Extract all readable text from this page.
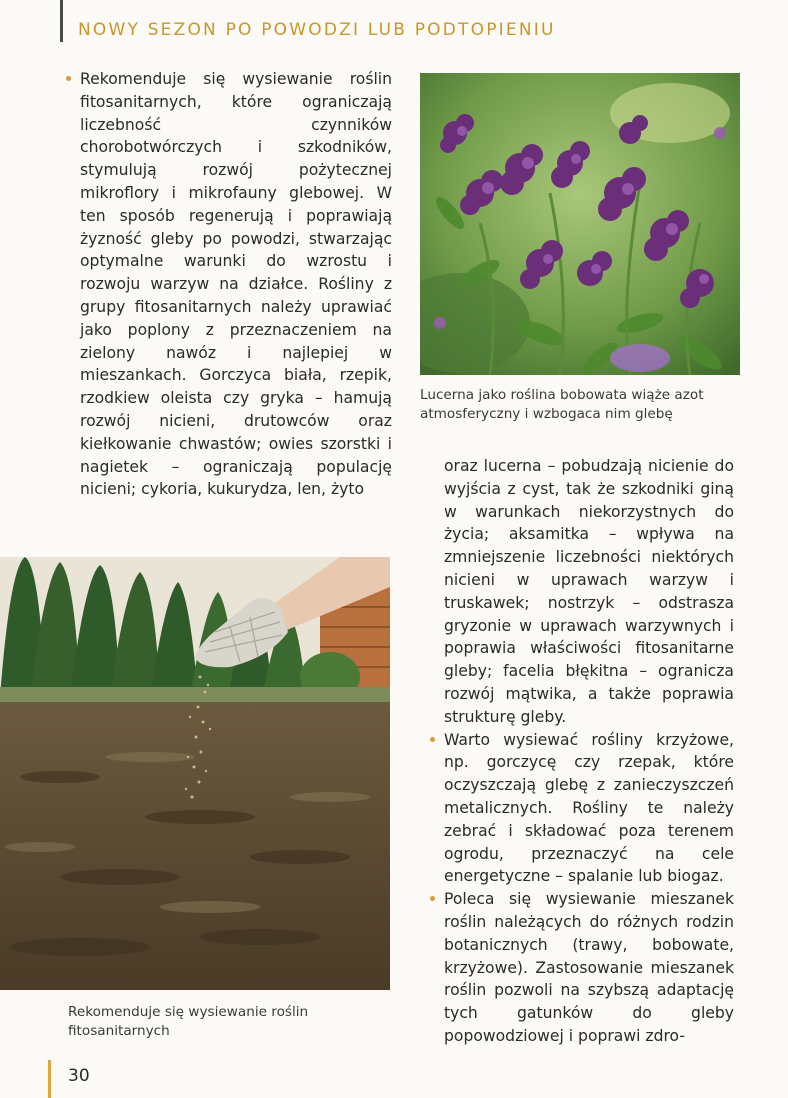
NOWY SEZON PO POWODZI LUB PODTOPIENIU

Rekomenduje się wysiewanie roślin fitosanitarnych, które ograniczają liczebność czynników chorobotwórczych i szkodników, stymulują rozwój pożytecznej mikroflory i mikrofauny glebowej. W ten sposób regenerują i poprawiają żyzność gleby po powodzi, stwarzając optymalne warunki do wzrostu i rozwoju warzyw na działce. Rośliny z grupy fitosanitarnych należy uprawiać jako poplony z przeznaczeniem na zielony nawóz i najlepiej w mieszankach. Gorczyca biała, rzepik, rzodkiew oleista czy gryka – hamują rozwój nicieni, drutowców oraz kiełkowanie chwastów; owies szorstki i nagietek – ograniczają populację nicieni; cykoria, kukurydza, len, żyto

Lucerna jako roślina bobowata wiąże azot atmosferyczny i wzbogaca nim glebę
Rekomenduje się wysiewanie roślin fitosanitarnych

oraz lucerna – pobudzają nicienie do wyjścia z cyst, tak że szkodniki giną w warunkach niekorzystnych do życia; aksamitka – wpływa na zmniejszenie liczebności niektórych nicieni w uprawach warzyw i truskawek; nostrzyk – odstrasza gryzonie w uprawach warzywnych i poprawia właściwości fitosanitarne gleby; facelia błękitna – ogranicza rozwój mątwika, a także poprawia strukturę gleby.

Warto wysiewać rośliny krzyżowe, np. gorczycę czy rzepak, które oczyszczają glebę z zanieczyszczeń metalicznych. Rośliny te należy zebrać i składować poza terenem ogrodu, przeznaczyć na cele energetyczne – spalanie lub biogaz.

Poleca się wysiewanie mieszanek roślin należących do różnych rodzin botanicznych (trawy, bobowate, krzyżowe). Zastosowanie mieszanek roślin pozwoli na szybszą adaptację tych gatunków do gleby popowodziowej i poprawi zdro-

30
